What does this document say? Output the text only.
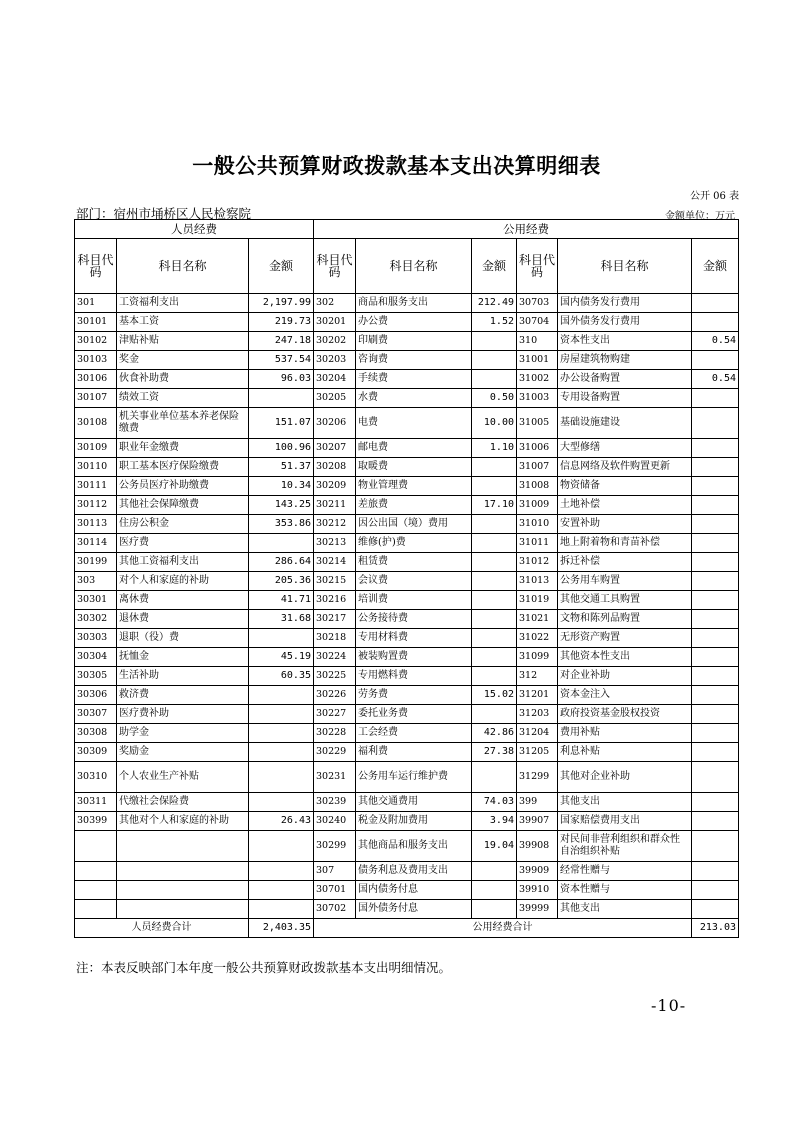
一般公共预算财政拨款基本支出决算明细表
公开 06 表
部门：宿州市埇桥区人民检察院	金额单位：万元
人员经费			公用经费					
科目代码	科目名称	金额	科目代码	科目名称	金额	科目代码	科目名称	金额
301	工资福利支出	2,197.99	302	商品和服务支出	212.49	30703	国内债务发行费用	
30101	基本工资	219.73	30201	办公费	1.52	30704	国外债务发行费用	
30102	津贴补贴	247.18	30202	印刷费		310	资本性支出	0.54
30103	奖金	537.54	30203	咨询费		31001	房屋建筑物购建	
30106	伙食补助费	96.03	30204	手续费		31002	办公设备购置	0.54
30107	绩效工资		30205	水费	0.50	31003	专用设备购置	
30108	机关事业单位基本养老保险缴费	151.07	30206	电费	10.00	31005	基础设施建设	
30109	职业年金缴费	100.96	30207	邮电费	1.10	31006	大型修缮	
30110	职工基本医疗保险缴费	51.37	30208	取暖费		31007	信息网络及软件购置更新	
30111	公务员医疗补助缴费	10.34	30209	物业管理费		31008	物资储备	
30112	其他社会保障缴费	143.25	30211	差旅费	17.10	31009	土地补偿	
30113	住房公积金	353.86	30212	因公出国（境）费用		31010	安置补助	
30114	医疗费		30213	维修(护)费		31011	地上附着物和青苗补偿	
30199	其他工资福利支出	286.64	30214	租赁费		31012	拆迁补偿	
303	对个人和家庭的补助	205.36	30215	会议费		31013	公务用车购置	
30301	离休费	41.71	30216	培训费		31019	其他交通工具购置	
30302	退休费	31.68	30217	公务接待费		31021	文物和陈列品购置	
30303	退职（役）费		30218	专用材料费		31022	无形资产购置	
30304	抚恤金	45.19	30224	被装购置费		31099	其他资本性支出	
30305	生活补助	60.35	30225	专用燃料费		312	对企业补助	
30306	救济费		30226	劳务费	15.02	31201	资本金注入	
30307	医疗费补助		30227	委托业务费		31203	政府投资基金股权投资	
30308	助学金		30228	工会经费	42.86	31204	费用补贴	
30309	奖励金		30229	福利费	27.38	31205	利息补贴	
30310	个人农业生产补贴		30231	公务用车运行维护费		31299	其他对企业补助	
30311	代缴社会保险费		30239	其他交通费用	74.03	399	其他支出	
30399	其他对个人和家庭的补助	26.43	30240	税金及附加费用	3.94	39907	国家赔偿费用支出	
			30299	其他商品和服务支出	19.04	39908	对民间非营利组织和群众性自治组织补贴	
			307	债务利息及费用支出		39909	经常性赠与	
			30701	国内债务付息		39910	资本性赠与	
			30702	国外债务付息		39999	其他支出	
人员经费合计		2,403.35	公用经费合计					213.03
注：本表反映部门本年度一般公共预算财政拨款基本支出明细情况。
-10-
